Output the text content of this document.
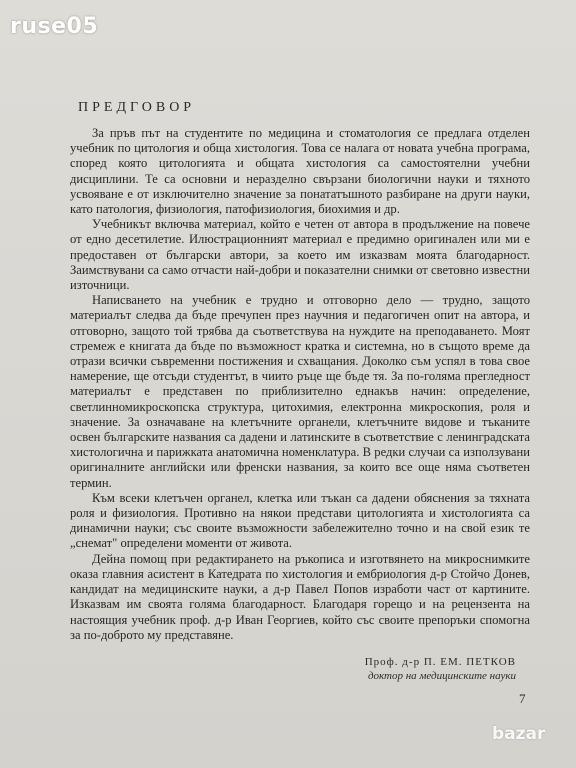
ruse05
ПРЕДГОВОР

За пръв път на студентите по медицина и стоматология се предлага отделен учебник по цитология и обща хистология. Това се налага от новата учебна програма, според която цитологията и общата хистология са самостоятелни учебни дисциплини. Те са основни и неразделно свързани биологични науки и тяхното усвояване е от изключително значение за понататъшното разбиране на други науки, като патология, физиология, патофизиология, биохимия и др.

Учебникът включва материал, който е четен от автора в продължение на повече от едно десетилетие. Илюстрационният материал е предимно оригинален или ми е предоставен от български автори, за което им изказвам моята благодарност. Заимствувани са само отчасти най-добри и показателни снимки от световно известни източници.

Написването на учебник е трудно и отговорно дело — трудно, защото материалът следва да бъде пречупен през научния и педагогичен опит на автора, и отговорно, защото той трябва да съответствува на нуждите на преподаването. Моят стремеж е книгата да бъде по възможност кратка и системна, но в същото време да отрази всички съвременни постижения и схващания. Доколко съм успял в това свое намерение, ще отсъди студентът, в чиито ръце ще бъде тя. За по-голяма прегледност материалът е представен по приблизително еднакъв начин: определение, светлинномикроскопска структура, цитохимия, електронна микроскопия, роля и значение. За означаване на клетъчните органели, клетъчните видове и тъканите освен българските названия са дадени и латинските в съответствие с ленинградската хистологична и парижката анатомична номенклатура. В редки случаи са използувани оригиналните английски или френски названия, за които все още няма съответен термин.

Към всеки клетъчен органел, клетка или тъкан са дадени обяснения за тяхната роля и физиология. Противно на някои представи цитологията и хистологията са динамични науки; със своите възможности забележително точно и на свой език те „снемат" определени моменти от живота.

Дейна помощ при редактирането на ръкописа и изготвянето на микроснимките оказа главния асистент в Катедрата по хистология и ембриология д-р Стойчо Донев, кандидат на медицинските науки, а д-р Павел Попов изработи част от картините. Изказвам им своята голяма благодарност. Благодаря горещо и на рецензента на настоящия учебник проф. д-р Иван Георгиев, който със своите препоръки спомогна за по-доброто му представяне.

Проф. д-р П. ЕМ. ПЕТКОВ
доктор на медицинските науки
7
bazar
